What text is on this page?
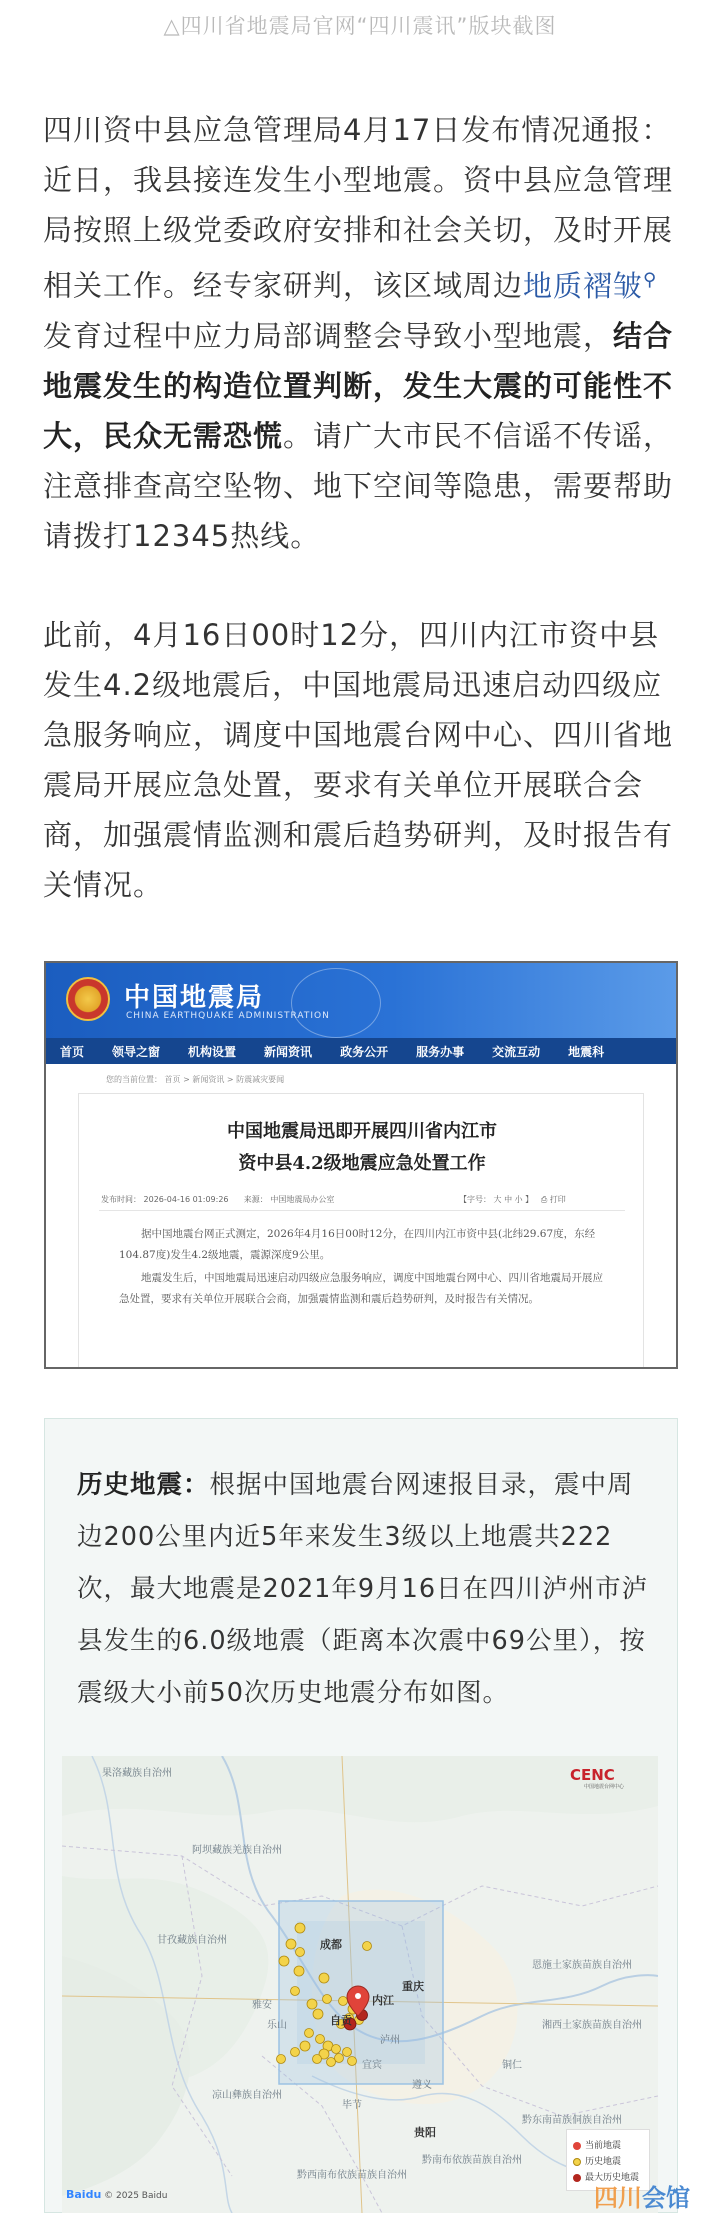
△四川省地震局官网“四川震讯”版块截图
四川资中县应急管理局4月17日发布情况通报：近日，我县接连发生小型地震。资中县应急管理局按照上级党委政府安排和社会关切，及时开展相关工作。经专家研判，该区域周边地质褶皱⚲发育过程中应力局部调整会导致小型地震，结合地震发生的构造位置判断，发生大震的可能性不大，民众无需恐慌。请广大市民不信谣不传谣，注意排查高空坠物、地下空间等隐患，需要帮助请拨打12345热线。
此前，4月16日00时12分，四川内江市资中县发生4.2级地震后，中国地震局迅速启动四级应急服务响应，调度中国地震台网中心、四川省地震局开展应急处置，要求有关单位开展联合会商，加强震情监测和震后趋势研判，及时报告有关情况。
中国地震局
CHINA EARTHQUAKE ADMINISTRATION
首页	领导之窗	机构设置	新闻资讯	政务公开	服务办事	交流互动	地震科
您的当前位置： 首页 > 新闻资讯 > 防震减灾要闻
中国地震局迅即开展四川省内江市
资中县4.2级地震应急处置工作
发布时间： 2026-04-16 01:09:26 来源： 中国地震局办公室	【字号： 大 中 小 】 ⎙ 打印

据中国地震台网正式测定，2026年4月16日00时12分，在四川内江市资中县(北纬29.67度，东经104.87度)发生4.2级地震，震源深度9公里。

地震发生后，中国地震局迅速启动四级应急服务响应，调度中国地震台网中心、四川省地震局开展应急处置，要求有关单位开展联合会商，加强震情监测和震后趋势研判，及时报告有关情况。

历史地震：根据中国地震台网速报目录，震中周边200公里内近5年来发生3级以上地震共222次，最大地震是2021年9月16日在四川泸州市泸县发生的6.0级地震（距离本次震中69公里），按震级大小前50次历史地震分布如图。
果洛藏族自治州
阿坝藏族羌族自治州
甘孜藏族自治州
凉山彝族自治州
恩施土家族苗族自治州
湘西土家族苗族自治州
黔东南苗族侗族自治州
黔南布依族苗族自治州
黔西南布依族苗族自治州
毕节
雅安
乐山
宜宾
泸州
遵义
铜仁
成都
重庆
贵阳
自贡
内江
CENC
中国地震台网中心
当前地震
历史地震
最大历史地震
Baidu © 2025 Baidu	四川会馆
